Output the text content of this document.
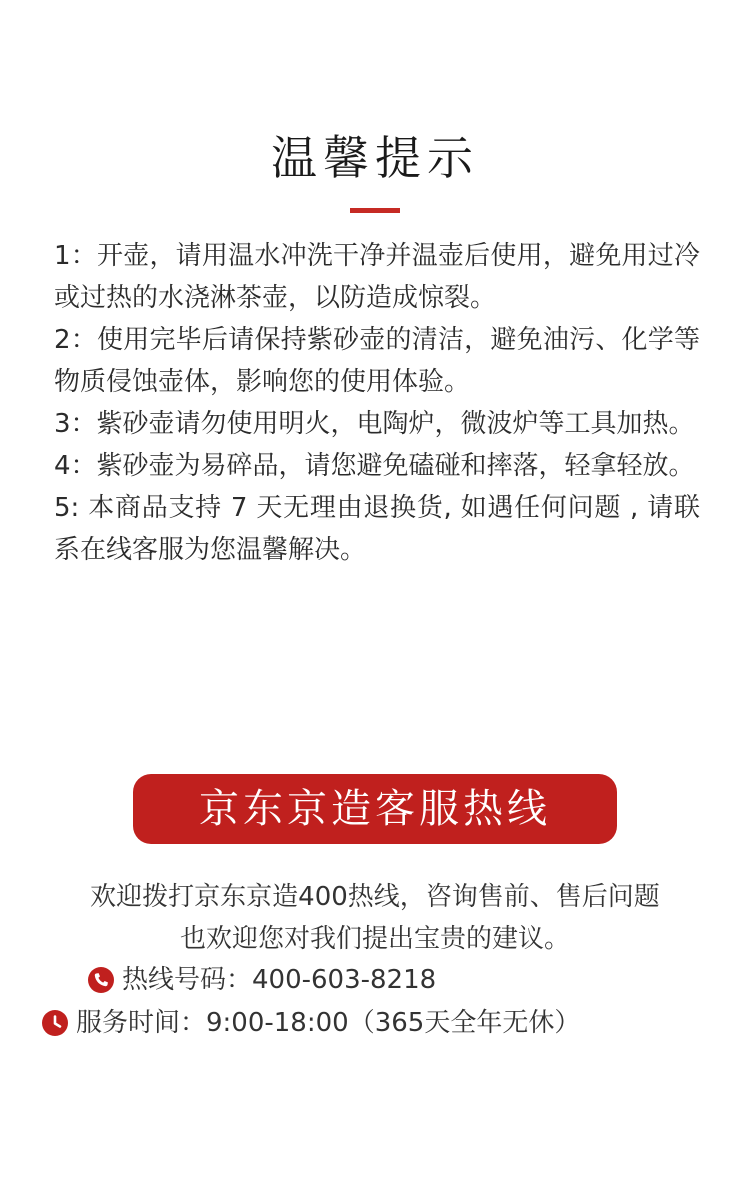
温馨提示

1：开壶，请用温水冲洗干净并温壶后使用，避免用过冷或过热的水浇淋茶壶，以防造成惊裂。

2：使用完毕后请保持紫砂壶的清洁，避免油污、化学等物质侵蚀壶体，影响您的使用体验。

3：紫砂壶请勿使用明火，电陶炉，微波炉等工具加热。

4：紫砂壶为易碎品，请您避免磕碰和摔落，轻拿轻放。

5: 本商品支持 7 天无理由退换货, 如遇任何问题 , 请联系在线客服为您温馨解决。

京东京造客服热线

欢迎拨打京东京造400热线，咨询售前、售后问题

也欢迎您对我们提出宝贵的建议。

热线号码：400-603-8218
服务时间：9:00-18:00（365天全年无休）
